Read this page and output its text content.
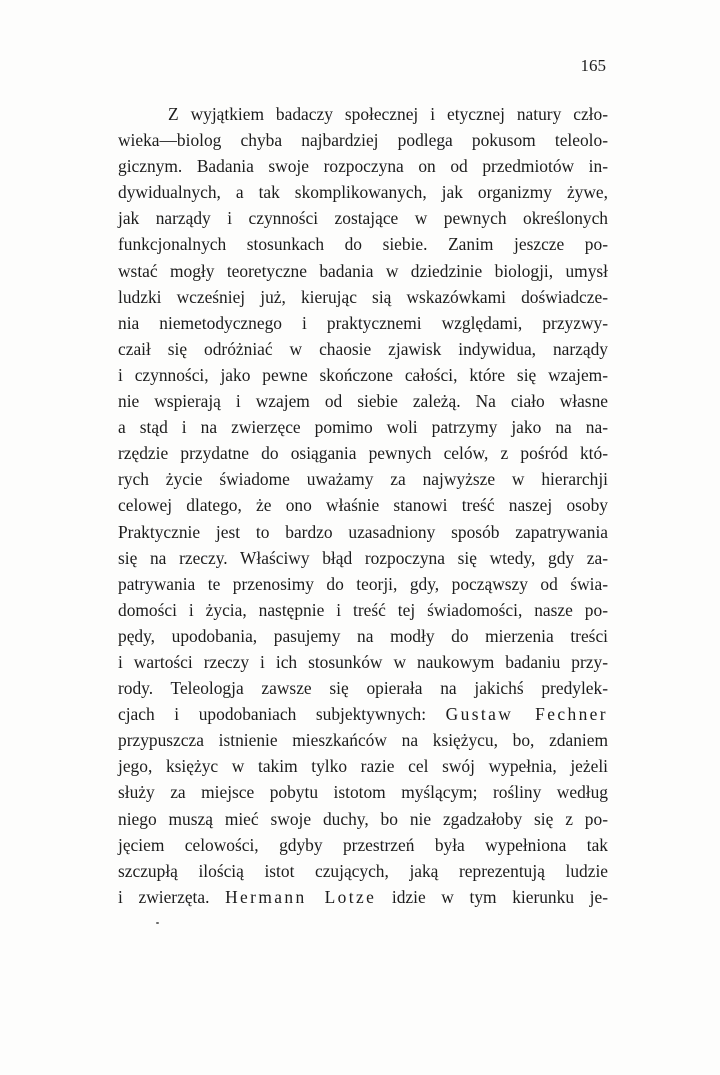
165
Z wyjątkiem badaczy społecznej i etycznej natury czło-
wieka—biolog chyba najbardziej podlega pokusom teleolo-
gicznym. Badania swoje rozpoczyna on od przedmiotów in-
dywidualnych, a tak skomplikowanych, jak organizmy żywe,
jak narządy i czynności zostające w pewnych określonych
funkcjonalnych stosunkach do siebie. Zanim jeszcze po-
wstać mogły teoretyczne badania w dziedzinie biologji, umysł
ludzki wcześniej już, kierując sią wskazówkami doświadcze-
nia niemetodycznego i praktycznemi względami, przyzwy-
czaił się odróżniać w chaosie zjawisk indywidua, narządy
i czynności, jako pewne skończone całości, które się wzajem-
nie wspierają i wzajem od siebie zależą. Na ciało własne
a stąd i na zwierzęce pomimo woli patrzymy jako na na-
rzędzie przydatne do osiągania pewnych celów, z pośród któ-
rych życie świadome uważamy za najwyższe w hierarchji
celowej dlatego, że ono właśnie stanowi treść naszej osoby
Praktycznie jest to bardzo uzasadniony sposób zapatrywania
się na rzeczy. Właściwy błąd rozpoczyna się wtedy, gdy za-
patrywania te przenosimy do teorji, gdy, począwszy od świa-
domości i życia, następnie i treść tej świadomości, nasze po-
pędy, upodobania, pasujemy na modły do mierzenia treści
i wartości rzeczy i ich stosunków w naukowym badaniu przy-
rody. Teleologja zawsze się opierała na jakichś predylek-
cjach i upodobaniach subjektywnych: Gustaw Fechner
przypuszcza istnienie mieszkańców na księżycu, bo, zdaniem
jego, księżyc w takim tylko razie cel swój wypełnia, jeżeli
służy za miejsce pobytu istotom myślącym; rośliny według
niego muszą mieć swoje duchy, bo nie zgadzałoby się z po-
jęciem celowości, gdyby przestrzeń była wypełniona tak
szczupłą ilością istot czujących, jaką reprezentują ludzie
i zwierzęta. Hermann Lotze idzie w tym kierunku je-
